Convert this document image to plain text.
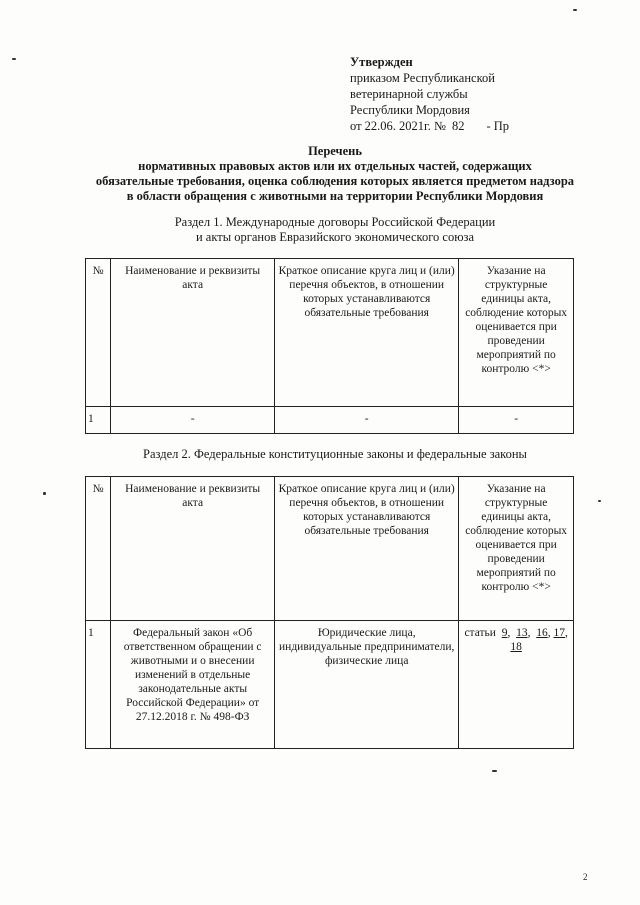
Утвержден
приказом Республиканской
ветеринарной службы
Республики Мордовия
от 22.06. 2021г. № 82 - Пр
Перечень
нормативных правовых актов или их отдельных частей, содержащих
обязательные требования, оценка соблюдения которых является предметом надзора
в области обращения с животными на территории Республики Мордовия
Раздел 1. Международные договоры Российской Федерации
и акты органов Евразийского экономического союза
№	Наименование и реквизиты акта	Краткое описание круга лиц и (или) перечня объектов, в отношении которых устанавливаются обязательные требования	Указание на структурные единицы акта, соблюдение которых оценивается при проведении мероприятий по контролю <*>
1	-	-	-
Раздел 2. Федеральные конституционные законы и федеральные законы
№	Наименование и реквизиты акта	Краткое описание круга лиц и (или) перечня объектов, в отношении которых устанавливаются обязательные требования	Указание на структурные единицы акта, соблюдение которых оценивается при проведении мероприятий по контролю <*>
1	Федеральный закон «Об ответственном обращении с животными и о внесении изменений в отдельные законодательные акты Российской Федерации» от 27.12.2018 г. № 498-ФЗ	Юридические лица, индивидуальные предприниматели, физические лица	статьи 9,  13,  16, 17, 18
2
